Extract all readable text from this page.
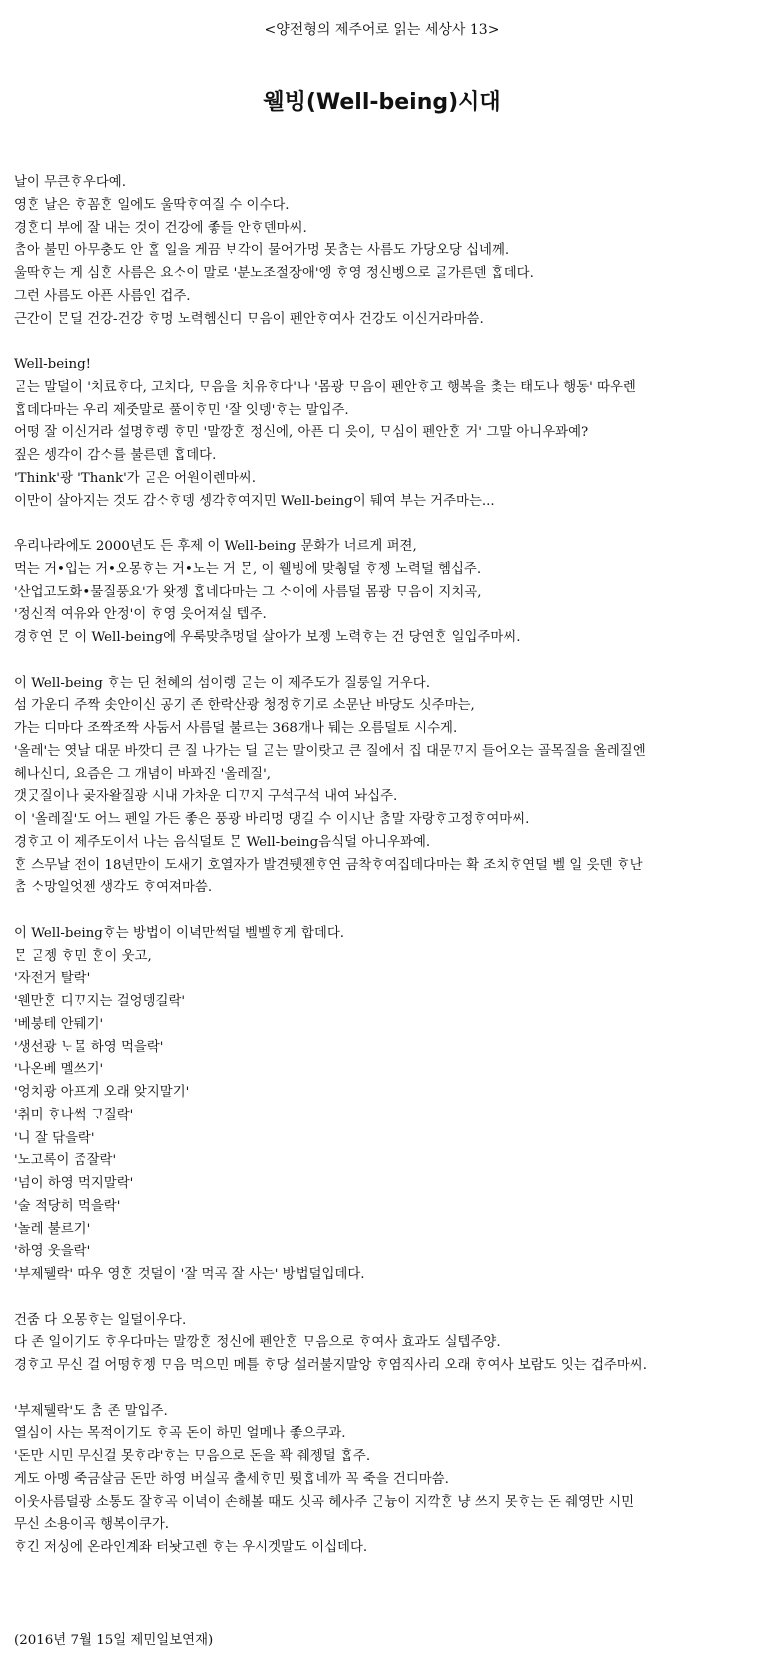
<양전형의 제주어로 읽는 세상사 13>
웰빙(Well-being)시대
날이 무큰ᄒᆞ우다예.
영ᄒᆞᆫ 날은 ᄒᆞ꼼ᄒᆞᆫ 일에도 울딱ᄒᆞ여질 수 이수다.
경ᄒᆞᆫ디 부에 잘 내는 것이 건강에 좋들 안ᄒᆞ덴마씨.
ᄎᆞᆷ아 불민 아무충도 안 ᄒᆞᆯ 일을 게끔 ᄇᆞ각이 물어가멍 못ᄎᆞᆷ는 사름도 가당오당 십네께.
울딱ᄒᆞ는 게 심ᄒᆞᆫ 사름은 요ᄉᆞ이 말로 '분노조절장애'엥 ᄒᆞ영 정신벵으로 ᄀᆞᆯ가른덴 ᄒᆞᆸ데다.
그런 사름도 아픈 사름인 겁주.
근간이 ᄆᆞᆫ딜 건강-건강 ᄒᆞ멍 노력헴신디 ᄆᆞ음이 펜안ᄒᆞ여사 건강도 이신거라마씀.
Well-being!
ᄀᆞᆮ는 말덜이 '치료ᄒᆞ다, 고치다, ᄆᆞ음을 치유ᄒᆞ다'나 '몸광 ᄆᆞ음이 펜안ᄒᆞ고 행복을 ᄎᆞᆽ는 태도나 행동' 따우렌
ᄒᆞᆸ데다마는 우리 제줏말로 풀이ᄒᆞ민 '잘 잇뎅'ᄒᆞ는 말입주.
어떵 잘 이신거라 설명ᄒᆞ렝 ᄒᆞ민 '말깡ᄒᆞᆫ 정신에, 아픈 디 읏이, ᄆᆞ심이 펜안ᄒᆞᆫ 거' 그말 아니우꽈예?
짚은 셍각이 감ᄉᆞ를 불른덴 ᄒᆞᆸ데다.
'Think'광 'Thank'가 ᄀᆞᆮ은 어원이렌마씨.
이만이 살아지는 것도 감ᄉᆞᄒᆞ뎅 셍각ᄒᆞ여지민 Well-being이 뒈여 부는 거주마는...
우리나라에도 2000년도 든 후제 이 Well-being 문화가 너르게 퍼젼,
먹는 거•입는 거•오몽ᄒᆞ는 거•노는 거 ᄆᆞᆫ, 이 웰빙에 맞췅덜 ᄒᆞ젱 노력덜 헴십주.
'산업고도화•물질풍요'가 왓젱 ᄒᆞᆸ네다마는 그 ᄉᆞ이에 사름덜 몸광 ᄆᆞ음이 지치곡,
'정신적 여유와 안정'이 ᄒᆞ영 읏어져실 텝주.
경ᄒᆞ연 ᄆᆞᆫ 이 Well-being에 우룩맞추멍덜 살아가 보젱 노력ᄒᆞ는 건 당연ᄒᆞᆫ 일입주마씨.
이 Well-being ᄒᆞ는 딘 천혜의 섬이렝 ᄀᆞᆮ는 이 제주도가 질룽일 거우다.
섬 가운디 주짝 솟안이신 공기 존 한락산광 청정ᄒᆞ기로 소문난 바당도 싯주마는,
가는 디마다 조짝조짝 사둠서 사름덜 불르는 368개나 뒈는 오름덜토 시수게.
'올레'는 엿날 대문 바깟디 큰 질 나가는 딜 ᄀᆞᆮ는 말이랏고 큰 질에서 집 대문ᄁᆞ지 들어오는 골목질을 올레질엔
헤나신디, 요즘은 그 개념이 바꽈진 '올레질',
갯ᄀᆞᆺ질이나 곶자왈질광 시내 가차운 디ᄁᆞ지 구석구석 내여 놔십주.
이 '올레질'도 어느 펜일 가든 좋은 풍광 바리멍 댕길 수 이시난 ᄎᆞᆷ말 자랑ᄒᆞ고정ᄒᆞ여마씨.
경ᄒᆞ고 이 제주도이서 나는 음식덜토 ᄆᆞᆫ Well-being음식덜 아니우꽈예.
ᄒᆞᆫ 스무날 전이 18년만이 도새기 호열자가 발견뒛젠ᄒᆞ연 금착ᄒᆞ여집데다마는 확 조치ᄒᆞ연덜 벨 일 읏덴 ᄒᆞ난
ᄎᆞᆷ ᄉᆞ망일엇젠 생각도 ᄒᆞ여져마씀.
이 Well-beingᄒᆞ는 방법이 이녁만썩덜 벨벨ᄒᆞ게 합데다.
ᄆᆞᆫ ᄀᆞᆮ젱 ᄒᆞ민 ᄒᆞᆫ이 웃고,
'자전거 탈락'
'웬만ᄒᆞᆫ 디ᄁᆞ지는 걸엉뎅길락'
'베붕테 안뒈기'
'생선광 ᄂᆞᄆᆞᆯ 하영 먹을락'
'나온베 멜쓰기'
'엉치광 아프게 오래 앚지말기'
'취미 ᄒᆞ나썩 ᄀᆞ질락'
'니 잘 닦을락'
'노고록이 ᄌᆞᆷ잘락'
'넘이 하영 먹지말락'
'술 적당히 먹을락'
'놀레 불르기'
'하영 웃을락'
'부제뒐락' 따우 영ᄒᆞᆫ 것덜이 '잘 먹곡 잘 사는' 방법덜입데다.
건줌 다 오몽ᄒᆞ는 일덜이우다.
다 존 일이기도 ᄒᆞ우다마는 말깡ᄒᆞᆫ 정신에 펜안ᄒᆞᆫ ᄆᆞ음으로 ᄒᆞ여사 효과도 실텝주양.
경ᄒᆞ고 무신 걸 어떵ᄒᆞ젱 ᄆᆞ음 먹으민 메틀 ᄒᆞ당 설러불지말앙 ᄒᆞ염직사리 오래 ᄒᆞ여사 보람도 잇는 겁주마씨.
'부제뒐락'도 ᄎᆞᆷ 존 말입주.
열심이 사는 목적이기도 ᄒᆞ곡 돈이 하민 얼메나 좋으쿠과.
'돈만 시민 무신걸 못ᄒᆞ랴'ᄒᆞ는 ᄆᆞ음으로 돈을 꽉 줴젱덜 ᄒᆞᆸ주.
게도 아멩 죽금살금 돈만 하영 버실곡 출세ᄒᆞ민 뭣ᄒᆞᆸ네까 꼭 죽을 건디마씀.
이웃사름덜광 소통도 잘ᄒᆞ곡 이녁이 손해볼 때도 싯곡 헤사주 ᄀᆞᆫ늉이 지깍ᄒᆞᆫ 냥 쓰지 못ᄒᆞ는 돈 줴영만 시민
무신 소용이곡 행복이쿠가.
ᄒᆞ긴 저싱에 온라인계좌 터놧고렌 ᄒᆞ는 우시겟말도 이십데다.
(2016년 7월 15일 제민일보연재)
